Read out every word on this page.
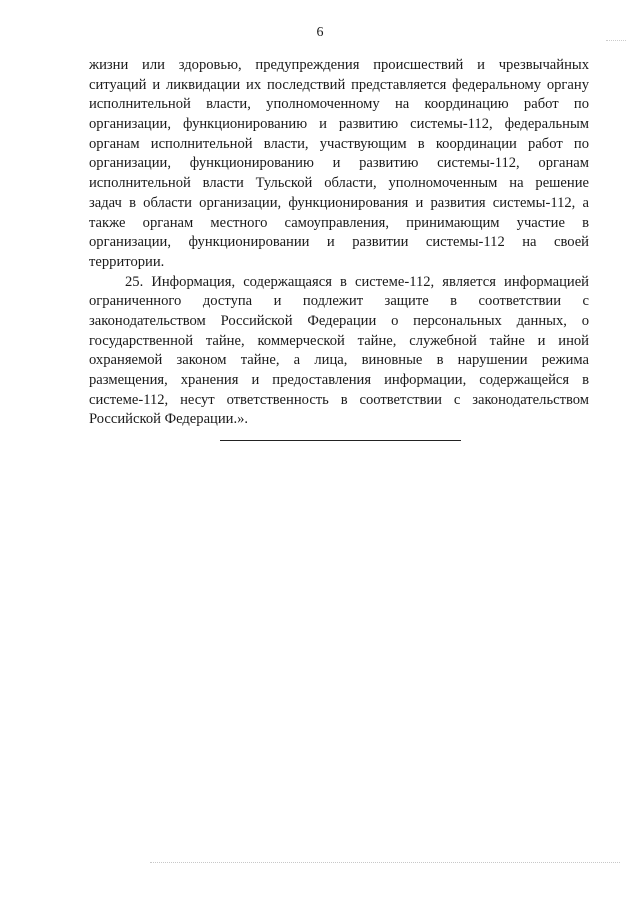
6
жизни или здоровью, предупреждения происшествий и чрезвычайных
ситуаций и ликвидации их последствий представляется федеральному органу
исполнительной власти, уполномоченному на координацию работ по
организации, функционированию и развитию системы-112, федеральным
органам исполнительной власти, участвующим в координации работ по
организации, функционированию и развитию системы-112, органам
исполнительной власти Тульской области, уполномоченным на решение
задач в области организации, функционирования и развития системы-112, а
также органам местного самоуправления, принимающим участие в
организации, функционировании и развитии системы-112 на своей
территории.
25. Информация, содержащаяся в системе-112, является информацией
ограниченного доступа и подлежит защите в соответствии с
законодательством Российской Федерации о персональных данных, о
государственной тайне, коммерческой тайне, служебной тайне и иной
охраняемой законом тайне, а лица, виновные в нарушении режима
размещения, хранения и предоставления информации, содержащейся в
системе-112, несут ответственность в соответствии с законодательством
Российской Федерации.».
